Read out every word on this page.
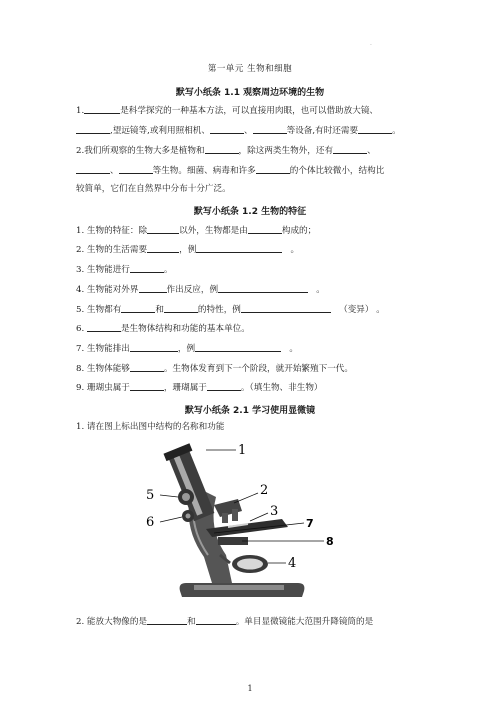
·
第一单元 生物和细胞
默写小纸条 1.1 观察周边环境的生物
1.	是科学探究的一种基本方法，可以直接用肉眼，也可以借助放大镜、
,望远镜等,或利用照相机、	、	等设备,有时还需要	。
2.我们所观察的生物大多是植物和	，除这两类生物外，还有	、
、	等生物。细菌、病毒和许多	的个体比较微小，结构比
较简单，它们在自然界中分布十分广泛。
默写小纸条 1.2 生物的特征
1. 生物的特征：除	以外，生物都是由	构成的；
2. 生物的生活需要	，例	。
3. 生物能进行	。
4. 生物能对外界	作出反应，例	。
5. 生物都有	和	的特性，例	（变异） 。
6.	是生物体结构和功能的基本单位。
7. 生物能排出	，例	。
8. 生物体能够	。生物体发育到下一个阶段，就开始繁殖下一代。
9. 珊瑚虫属于	，珊瑚属于	。（填生物、非生物）
默写小纸条 2.1 学习使用显微镜
1. 请在图上标出图中结构的名称和功能
1
2
3
4
5
6	7
8
2. 能放大物像的是	和	。单目显微镜能大范围升降镜筒的是
1
